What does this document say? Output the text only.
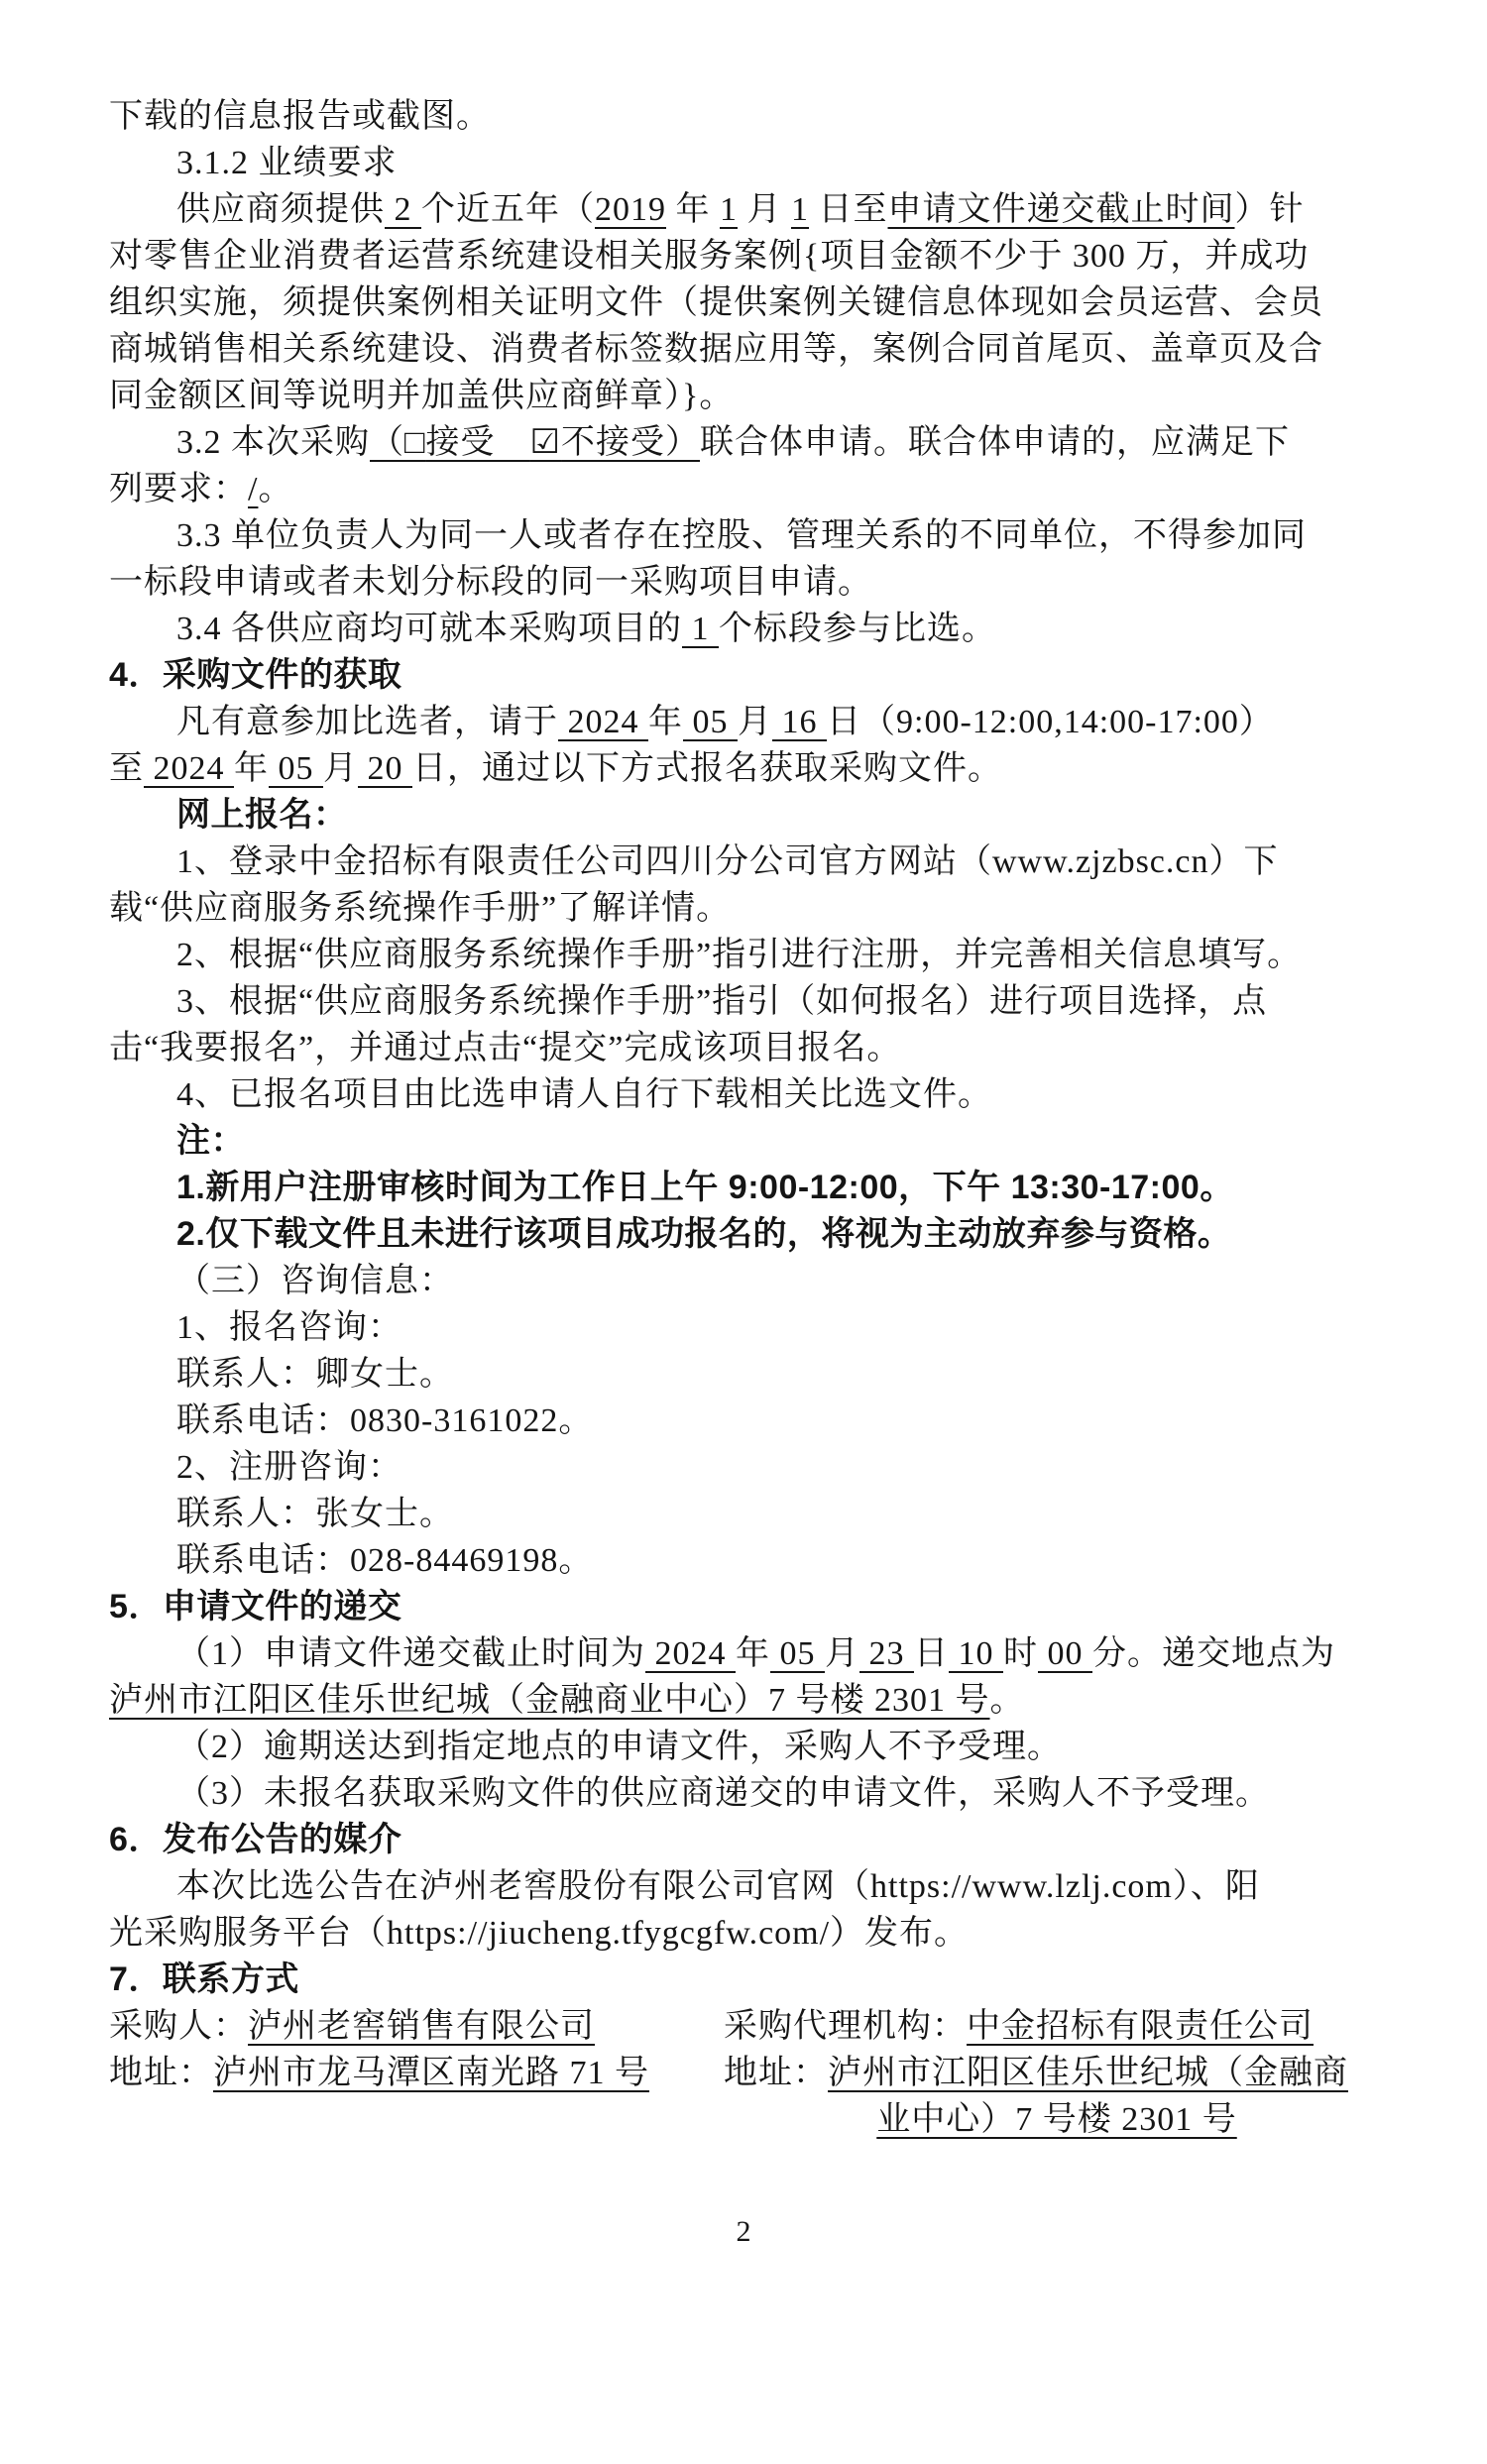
下载的信息报告或截图。
3.1.2 业绩要求
供应商须提供 2 个近五年（2019 年 1 月 1 日至申请文件递交截止时间）针
对零售企业消费者运营系统建设相关服务案例{项目金额不少于 300 万，并成功
组织实施，须提供案例相关证明文件（提供案例关键信息体现如会员运营、会员
商城销售相关系统建设、消费者标签数据应用等，案例合同首尾页、盖章页及合
同金额区间等说明并加盖供应商鲜章）}。
3.2 本次采购（□接受　☑不接受）联合体申请。联合体申请的，应满足下
列要求：/。
3.3 单位负责人为同一人或者存在控股、管理关系的不同单位，不得参加同
一标段申请或者未划分标段的同一采购项目申请。
3.4 各供应商均可就本采购项目的 1 个标段参与比选。
4．采购文件的获取
凡有意参加比选者，请于 2024 年 05 月 16 日（9:00-12:00,14:00-17:00）
至 2024 年 05 月 20 日，通过以下方式报名获取采购文件。
网上报名：
1、登录中金招标有限责任公司四川分公司官方网站（www.zjzbsc.cn）下
载“供应商服务系统操作手册”了解详情。
2、根据“供应商服务系统操作手册”指引进行注册，并完善相关信息填写。
3、根据“供应商服务系统操作手册”指引（如何报名）进行项目选择，点
击“我要报名”，并通过点击“提交”完成该项目报名。
4、已报名项目由比选申请人自行下载相关比选文件。
注：
1.新用户注册审核时间为工作日上午 9:00-12:00，下午 13:30-17:00。
2.仅下载文件且未进行该项目成功报名的，将视为主动放弃参与资格。
（三）咨询信息：
1、报名咨询：
联系人：卿女士。
联系电话：0830-3161022。
2、注册咨询：
联系人：张女士。
联系电话：028-84469198。
5．申请文件的递交
（1）申请文件递交截止时间为 2024 年 05 月 23 日 10 时 00 分。递交地点为
泸州市江阳区佳乐世纪城（金融商业中心）7 号楼 2301 号。
（2）逾期送达到指定地点的申请文件，采购人不予受理。
（3）未报名获取采购文件的供应商递交的申请文件，采购人不予受理。
6．发布公告的媒介
本次比选公告在泸州老窖股份有限公司官网（https://www.lzlj.com）、阳
光采购服务平台（https://jiucheng.tfygcgfw.com/）发布。
7．联系方式
采购人：泸州老窖销售有限公司	采购代理机构：中金招标有限责任公司
地址：泸州市龙马潭区南光路 71 号	地址：泸州市江阳区佳乐世纪城（金融商
业中心）7 号楼 2301 号
2
